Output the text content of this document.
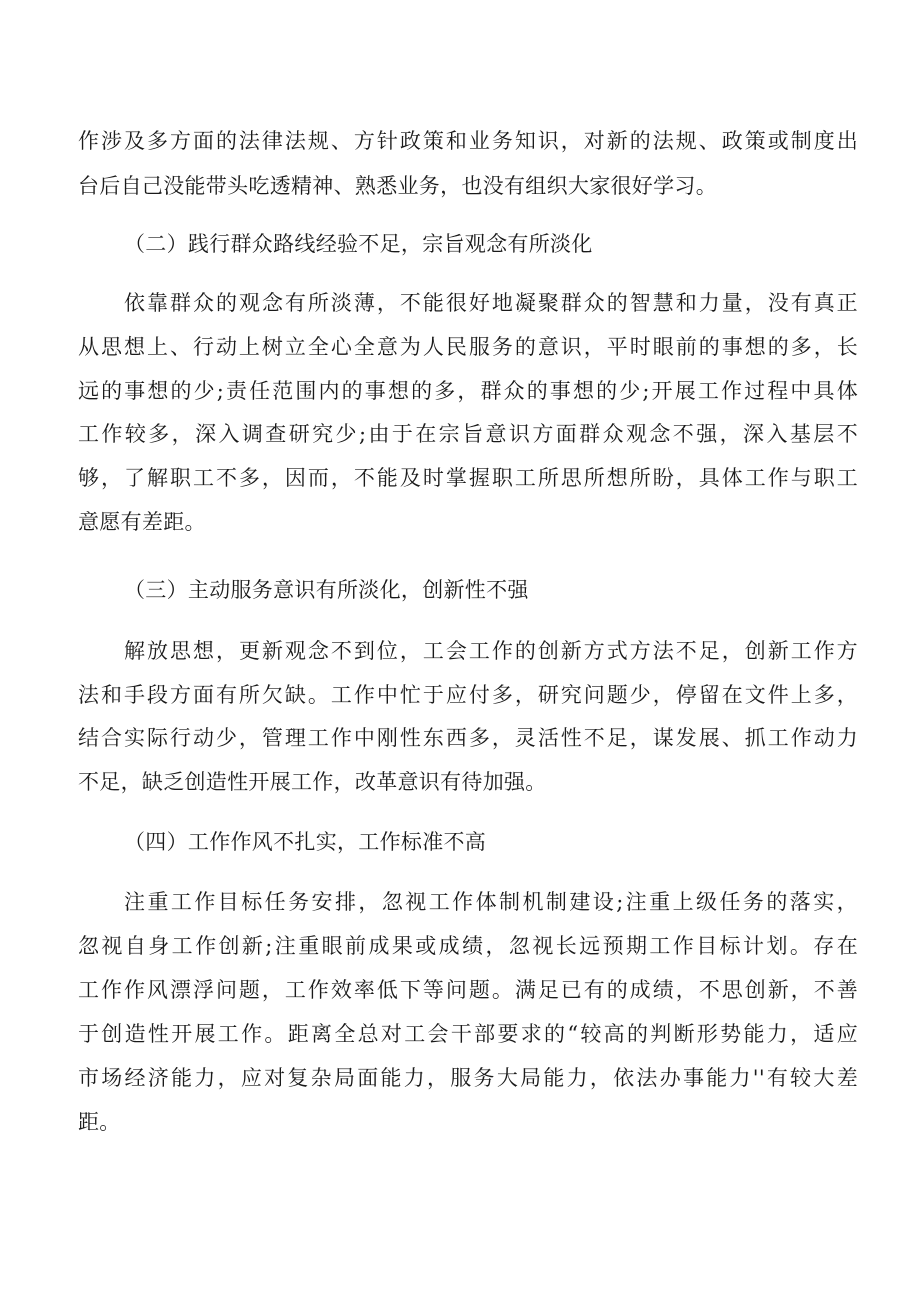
作涉及多方面的法律法规、方针政策和业务知识，对新的法规、政策或制度出
台后自己没能带头吃透精神、熟悉业务，也没有组织大家很好学习。
（二）践行群众路线经验不足，宗旨观念有所淡化
依靠群众的观念有所淡薄，不能很好地凝聚群众的智慧和力量，没有真正
从思想上、行动上树立全心全意为人民服务的意识，平时眼前的事想的多，长
远的事想的少;责任范围内的事想的多，群众的事想的少;开展工作过程中具体
工作较多，深入调查研究少;由于在宗旨意识方面群众观念不强，深入基层不
够，了解职工不多，因而，不能及时掌握职工所思所想所盼，具体工作与职工
意愿有差距。
（三）主动服务意识有所淡化，创新性不强
解放思想，更新观念不到位，工会工作的创新方式方法不足，创新工作方
法和手段方面有所欠缺。工作中忙于应付多，研究问题少，停留在文件上多，
结合实际行动少，管理工作中刚性东西多，灵活性不足，谋发展、抓工作动力
不足，缺乏创造性开展工作，改革意识有待加强。
（四）工作作风不扎实，工作标准不高
注重工作目标任务安排，忽视工作体制机制建设;注重上级任务的落实，
忽视自身工作创新;注重眼前成果或成绩，忽视长远预期工作目标计划。存在
工作作风漂浮问题，工作效率低下等问题。满足已有的成绩，不思创新，不善
于创造性开展工作。距离全总对工会干部要求的“较高的判断形势能力，适应
市场经济能力，应对复杂局面能力，服务大局能力，依法办事能力''有较大差
距。
